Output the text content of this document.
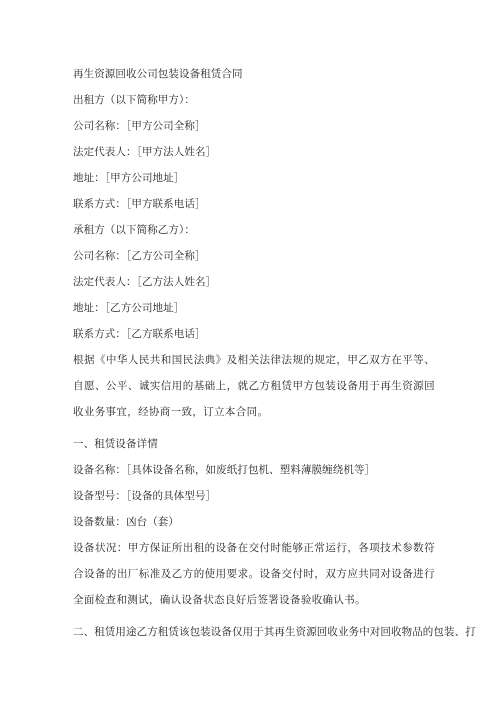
再生资源回收公司包装设备租赁合同
出租方（以下简称甲方）：
公司名称：［甲方公司全称］
法定代表人：［甲方法人姓名］
地址：［甲方公司地址］
联系方式：［甲方联系电话］
承租方（以下简称乙方）：
公司名称：［乙方公司全称］
法定代表人：［乙方法人姓名］
地址：［乙方公司地址］
联系方式：［乙方联系电话］
根据《中华人民共和国民法典》及相关法律法规的规定，甲乙双方在平等、自愿、公平、诚实信用的基础上，就乙方租赁甲方包装设备用于再生资源回收业务事宜，经协商一致，订立本合同。
一、租赁设备详情
设备名称：［具体设备名称，如废纸打包机、塑料薄膜缠绕机等］
设备型号：［设备的具体型号］
设备数量：凶台（套）
设备状况：甲方保证所出租的设备在交付时能够正常运行，各项技术参数符合设备的出厂标准及乙方的使用要求。设备交付时，双方应共同对设备进行全面检查和测试，确认设备状态良好后签署设备验收确认书。
二、租赁用途乙方租赁该包装设备仅用于其再生资源回收业务中对回收物品的包装、打
